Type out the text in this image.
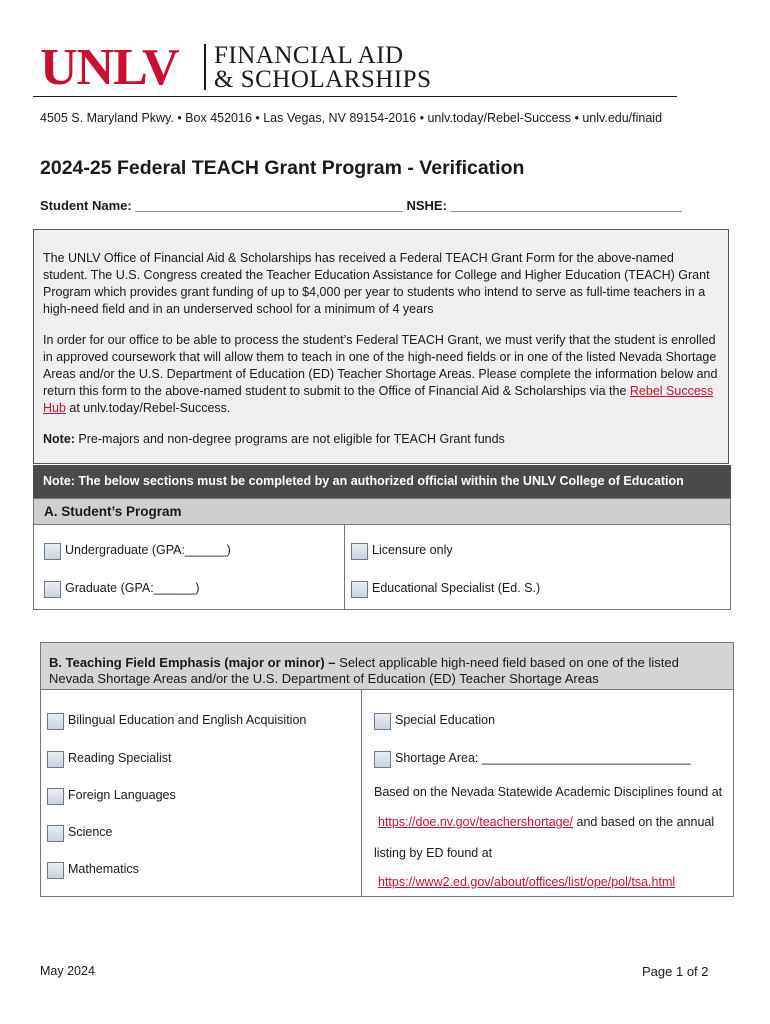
UNLV FINANCIAL AID
& SCHOLARSHIPS
4505 S. Maryland Pkwy. • Box 452016 • Las Vegas, NV 89154-2016 • unlv.today/Rebel-Success • unlv.edu/finaid
2024-25 Federal TEACH Grant Program - Verification
Student Name: _____________________________________ NSHE: ________________________________

The UNLV Office of Financial Aid & Scholarships has received a Federal TEACH Grant Form for the above-named student. The U.S. Congress created the Teacher Education Assistance for College and Higher Education (TEACH) Grant Program which provides grant funding of up to $4,000 per year to students who intend to serve as full-time teachers in a high-need field and in an underserved school for a minimum of 4 years

In order for our office to be able to process the student’s Federal TEACH Grant, we must verify that the student is enrolled in approved coursework that will allow them to teach in one of the high-need fields or in one of the listed Nevada Shortage Areas and/or the U.S. Department of Education (ED) Teacher Shortage Areas. Please complete the information below and return this form to the above-named student to submit to the Office of Financial Aid & Scholarships via the Rebel Success Hub at unlv.today/Rebel-Success.

Note: Pre-majors and non-degree programs are not eligible for TEACH Grant funds

Note: The below sections must be completed by an authorized official within the UNLV College of Education
A. Student’s Program
Undergraduate (GPA:______)	Licensure only
Graduate (GPA:______)	Educational Specialist (Ed. S.)
B. Teaching Field Emphasis (major or minor) – Select applicable high-need field based on one of the listed Nevada Shortage Areas and/or the U.S. Department of Education (ED) Teacher Shortage Areas
Bilingual Education and English Acquisition
Reading Specialist
Foreign Languages
Science
Mathematics
Special Education
Shortage Area: ______________________________
Based on the Nevada Statewide Academic Disciplines found at
https://doe.nv.gov/teachershortage/ and based on the annual
listing by ED found at
https://www2.ed.gov/about/offices/list/ope/pol/tsa.html
May 2024	Page 1 of 2
